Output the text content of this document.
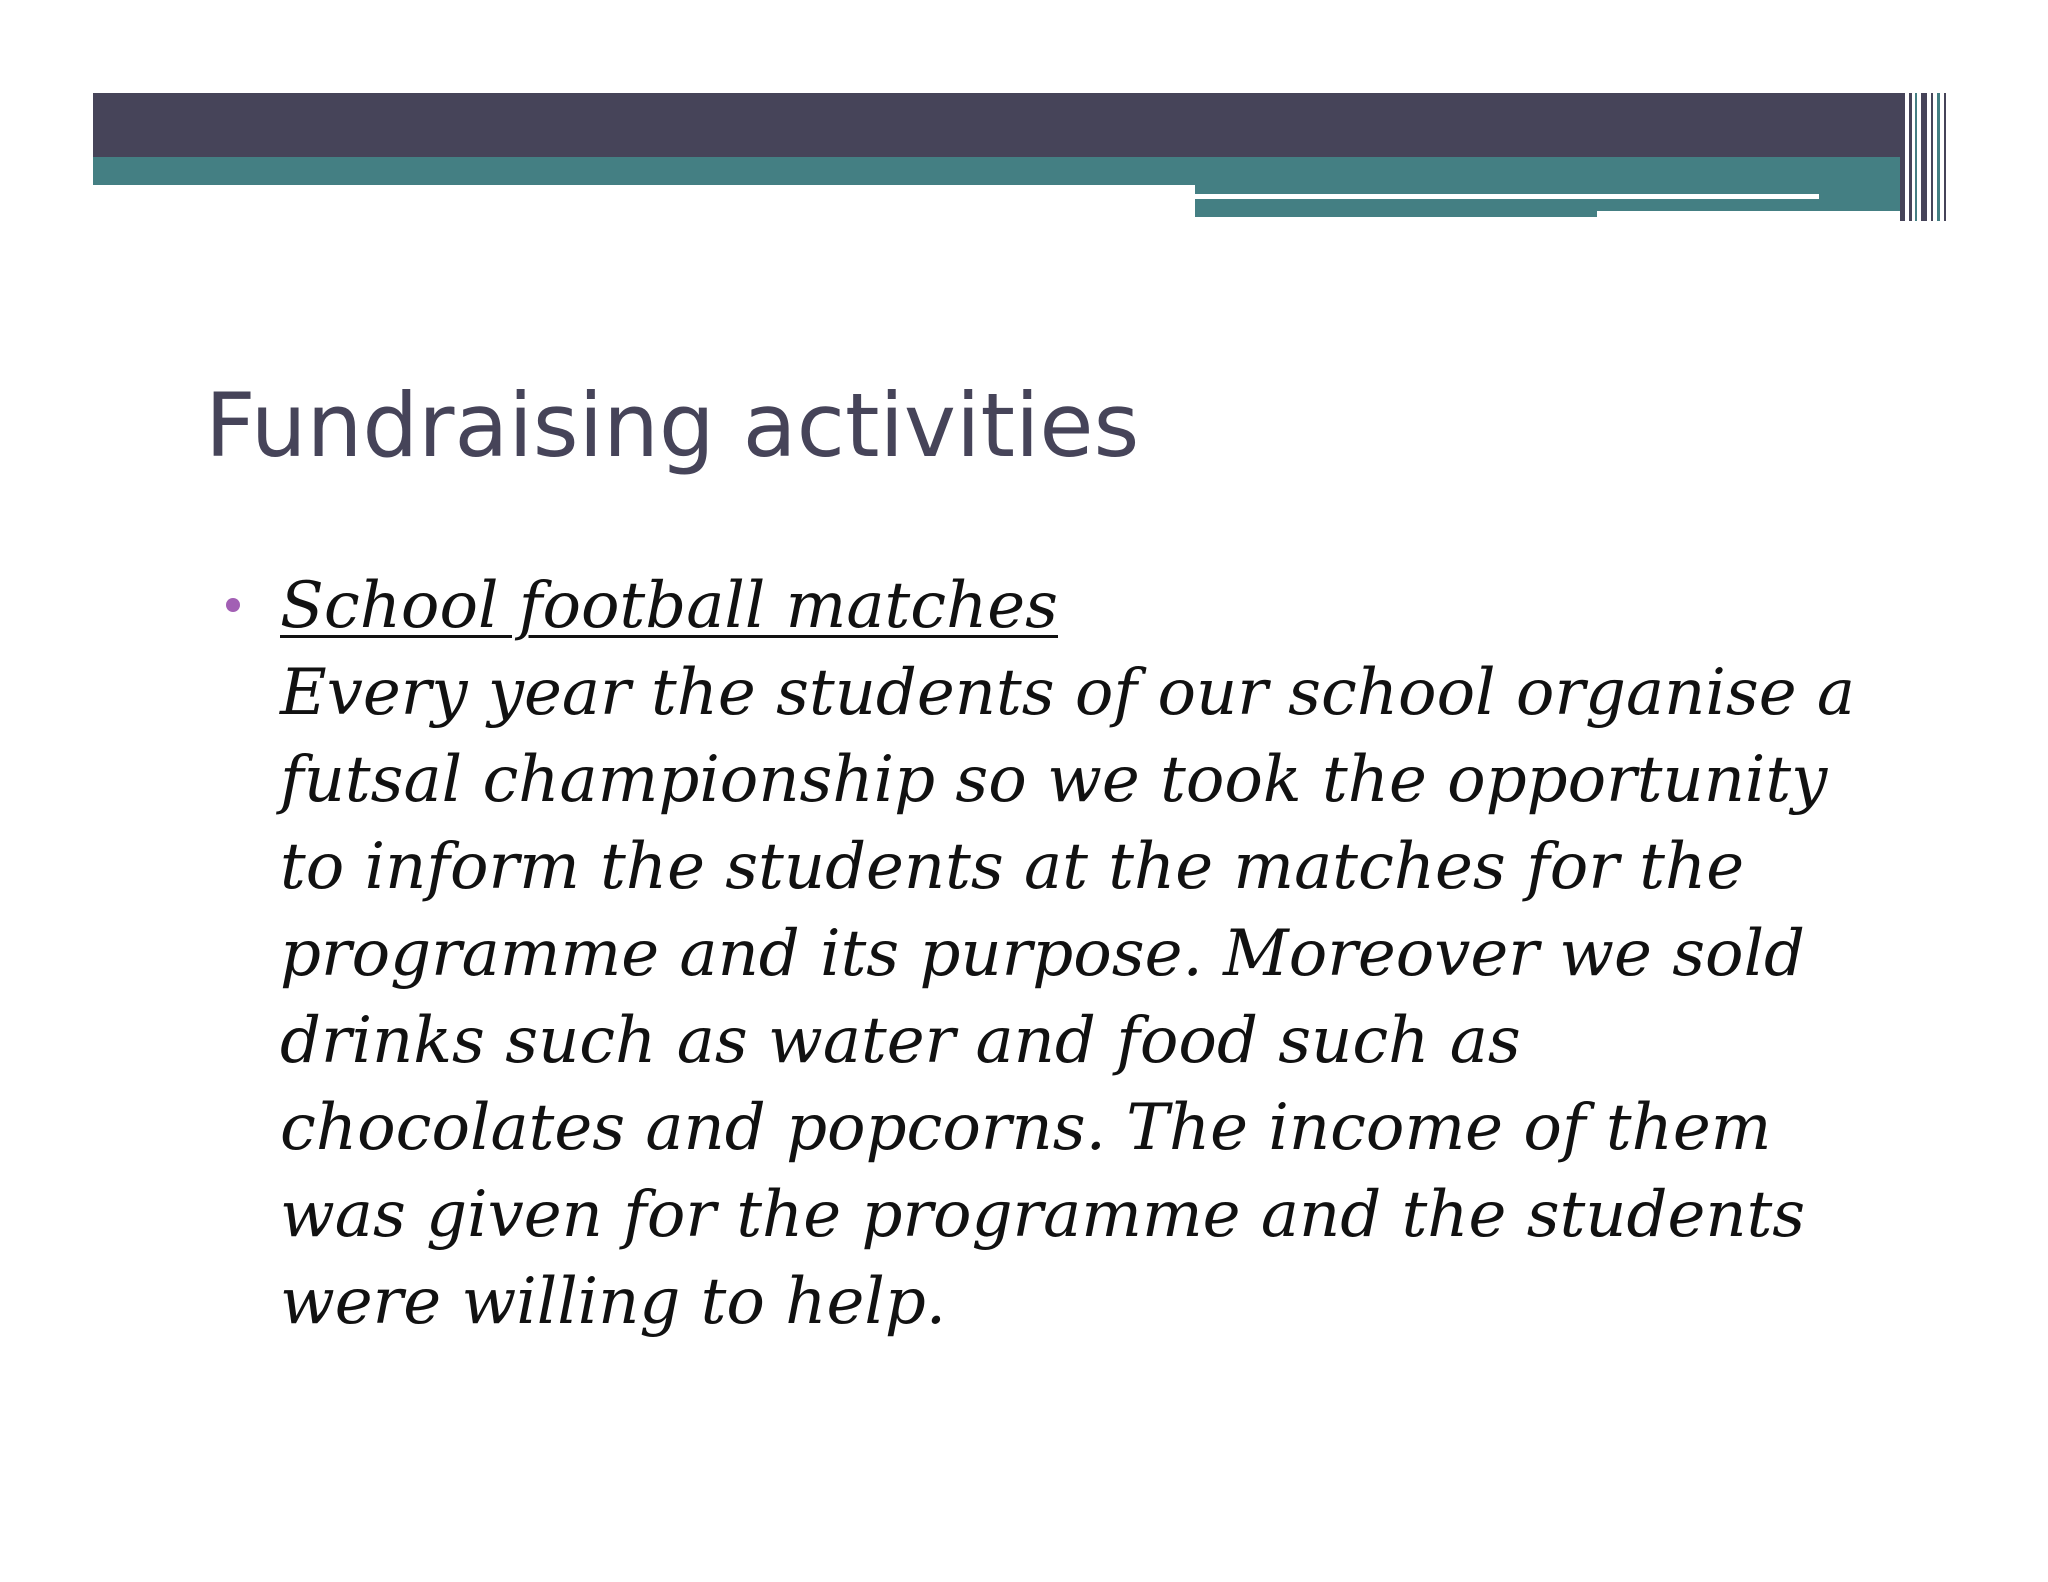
Fundraising activities
School football matches
Every year the students of our school organise a futsal championship so we took the opportunity to inform the students at the matches for the programme and its purpose. Moreover we sold drinks such as water and food such as chocolates and popcorns. The income of them was given for the programme and the students were willing to help.
